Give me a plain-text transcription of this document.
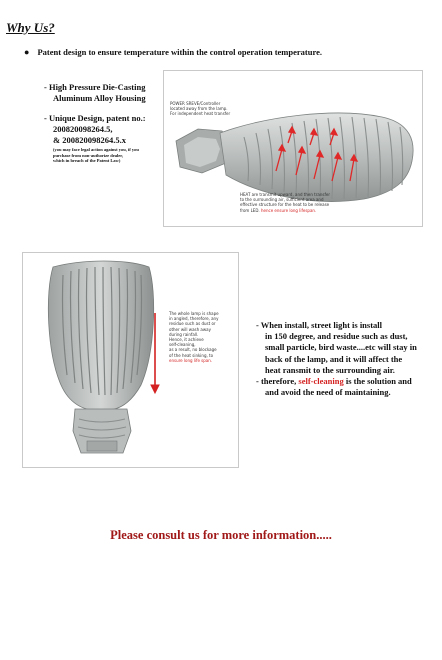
Why Us?
● Patent design to ensure temperature within the control operation temperature.
- High Pressure Die-Casting
Aluminum Alloy Housing
- Unique Design, patent no.:
200820098264.5,
& 200820098264.5.x
(you may face legal action against you, if you
purchase from non-authorize dealer,
which in breach of the Patent Law)
POWER SREVE/Controller
located away from the lamp.
For independent heat transfer
HEAT are transmit upward, and then transfer
to the surrounding air, sufficient area and
effective structure for the heat to be release
from LED. hence ensure long lifespan.
The whole lamp is shape
in angled, therefore, any
residue such as dust or
other will wash away
during rainfall.
Hence, it achieve
self-cleaning,
as a result, no blockage
of the heat sinking, to
ensure long life span.
- When install, street light is install
in 150 degree, and residue such as dust,
small particle, bird waste....etc will stay in
back of the lamp, and it will affect the
heat ransmit to the surrounding air.
- therefore, self-cleaning is the solution and
and avoid the need of maintaining.
Please consult us for more information.....
